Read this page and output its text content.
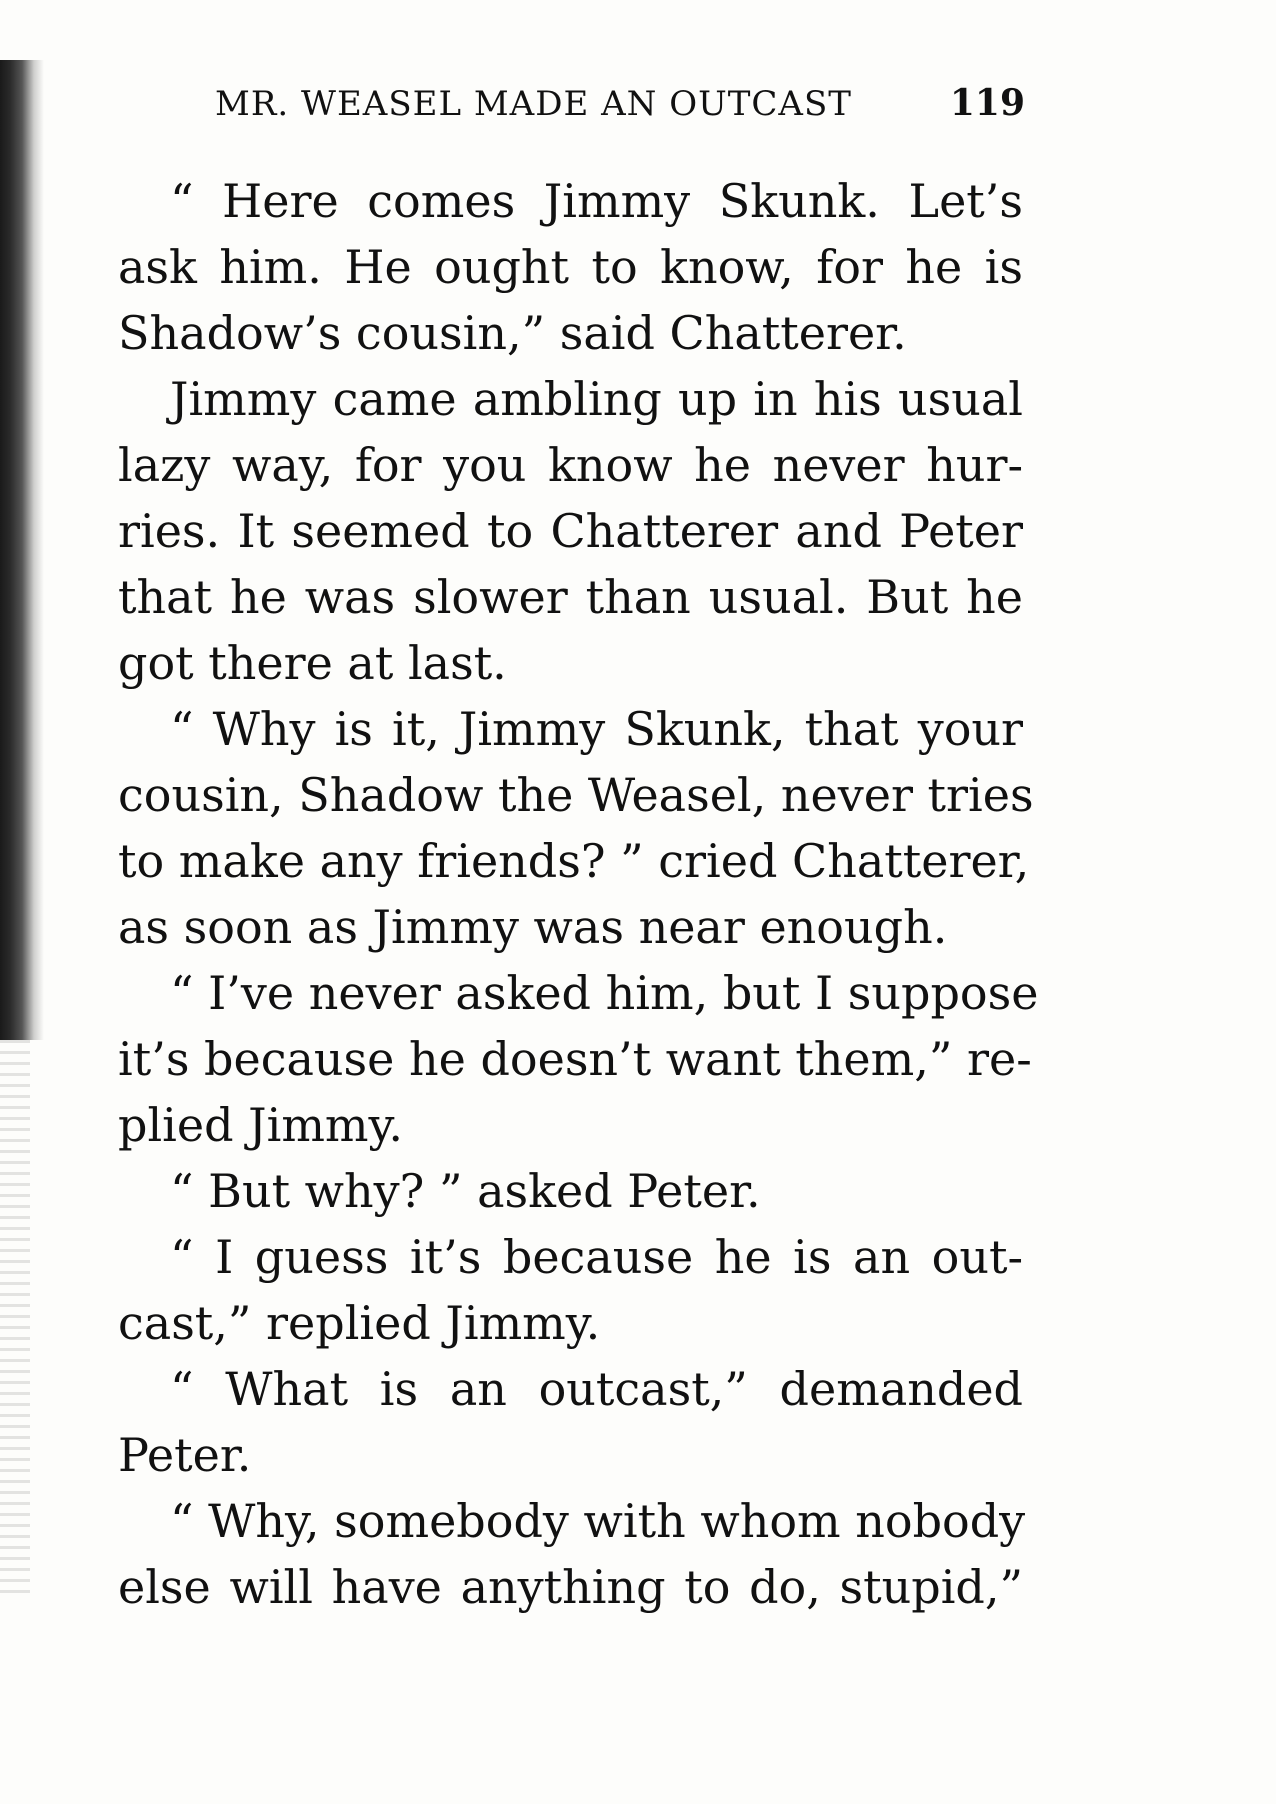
MR. WEASEL MADE AN OUTCAST	119
“ Here comes Jimmy Skunk. Let’s
ask him. He ought to know, for he is
Shadow’s cousin,” said Chatterer.
Jimmy came ambling up in his usual
lazy way, for you know he never hur-
ries. It seemed to Chatterer and Peter
that he was slower than usual. But he
got there at last.
“ Why is it, Jimmy Skunk, that your
cousin, Shadow the Weasel, never tries
to make any friends? ” cried Chatterer,
as soon as Jimmy was near enough.
“ I’ve never asked him, but I suppose
it’s because he doesn’t want them,” re-
plied Jimmy.
“ But why? ” asked Peter.
“ I guess it’s because he is an out-
cast,” replied Jimmy.
“ What is an outcast,” demanded
Peter.
“ Why, somebody with whom nobody
else will have anything to do, stupid,”
